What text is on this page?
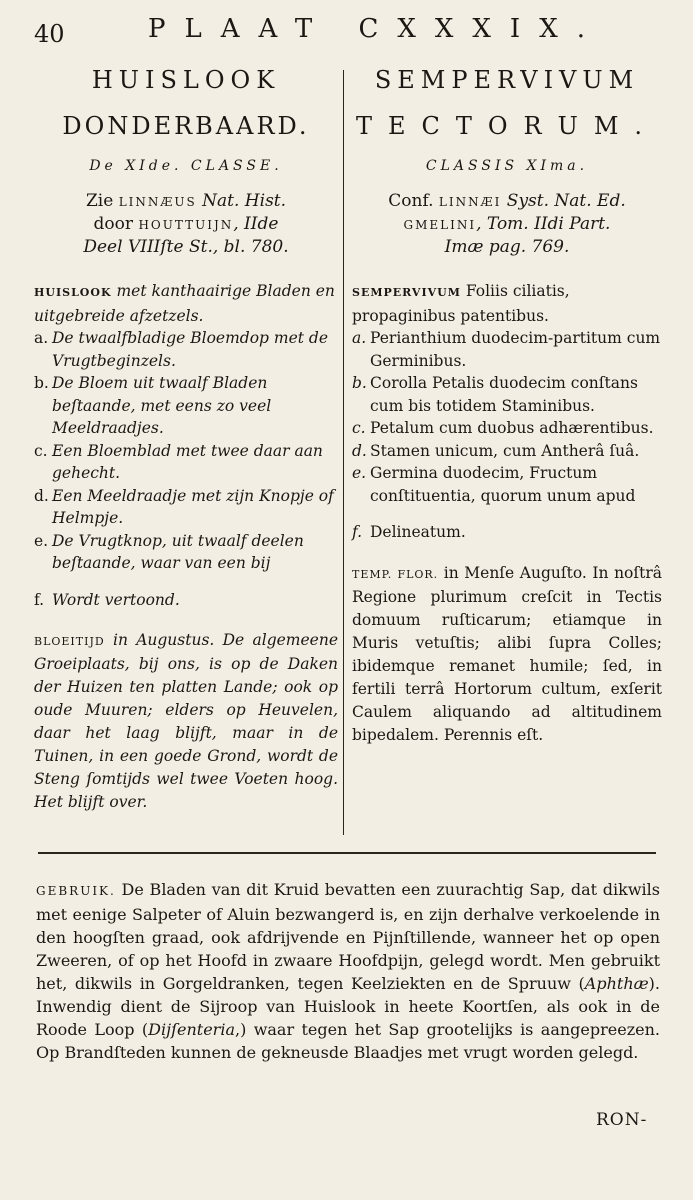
40	PLAAT CXXXIX.
HUISLOOK
DONDERBAARD.
De XIde. CLASSE.
Zie LINNÆUS Nat. Hist.
door HOUTTUIJN, IIde
Deel VIIIſte St., bl. 780.

HUISLOOK met kanthaairige Bladen en uitgebreide afzetzels.

a. De twaalfbladige Bloemdop met de Vrugtbeginzels.
b. De Bloem uit twaalf Bladen beſtaande, met eens zo veel Meeldraadjes.
c. Een Bloemblad met twee daar aan gehecht.
d. Een Meeldraadje met zijn Knopje of Helmpje.
e. De Vrugtknop, uit twaalf deelen beſtaande, waar van een bij
f. Wordt vertoond.
BLOEITIJD in Augustus. De algemeene Groeiplaats, bij ons, is op de Daken der Huizen ten platten Lande; ook op oude Muuren; elders op Heuvelen, daar het laag blijft, maar in de Tuinen, in een goede Grond, wordt de Steng ſomtijds wel twee Voeten hoog. Het blijft over.
SEMPERVIVUM
TECTORUM.
CLASSIS XIma.
Conf. LINNÆI Syst. Nat. Ed.
GMELINI, Tom. IIdi Part.
Imæ pag. 769.

SEMPERVIVUM Foliis ciliatis, propaginibus patentibus.

a. Perianthium duodecim-partitum cum Germinibus.
b. Corolla Petalis duodecim conſtans cum bis totidem Staminibus.
c. Petalum cum duobus adhærentibus.
d. Stamen unicum, cum Antherâ ſuâ.
e. Germina duodecim, Fructum conſtituentia, quorum unum apud
f. Delineatum.
TEMP. FLOR. in Menſe Auguſto. In noſtrâ Regione plurimum creſcit in Tectis domuum ruſticarum; etiamque in Muris vetuſtis; alibi ſupra Colles; ibidemque remanet humile; ſed, in fertili terrâ Hortorum cultum, exſerit Caulem aliquando ad altitudinem bipedalem. Perennis eſt.
GEBRUIK. De Bladen van dit Kruid bevatten een zuurachtig Sap, dat dikwils met eenige Salpeter of Aluin bezwangerd is, en zijn derhalve verkoelende in den hoogſten graad, ook afdrijvende en Pijnſtillende, wanneer het op open Zweeren, of op het Hoofd in zwaare Hoofdpijn, gelegd wordt. Men gebruikt het, dikwils in Gorgeldranken, tegen Keelziekten en de Spruuw (Aphthæ). Inwendig dient de Sijroop van Huislook in heete Koortſen, als ook in de Roode Loop (Dijſenteria,) waar tegen het Sap grootelijks is aangepreezen. Op Brandſteden kunnen de gekneusde Blaadjes met vrugt worden gelegd.
RON-
